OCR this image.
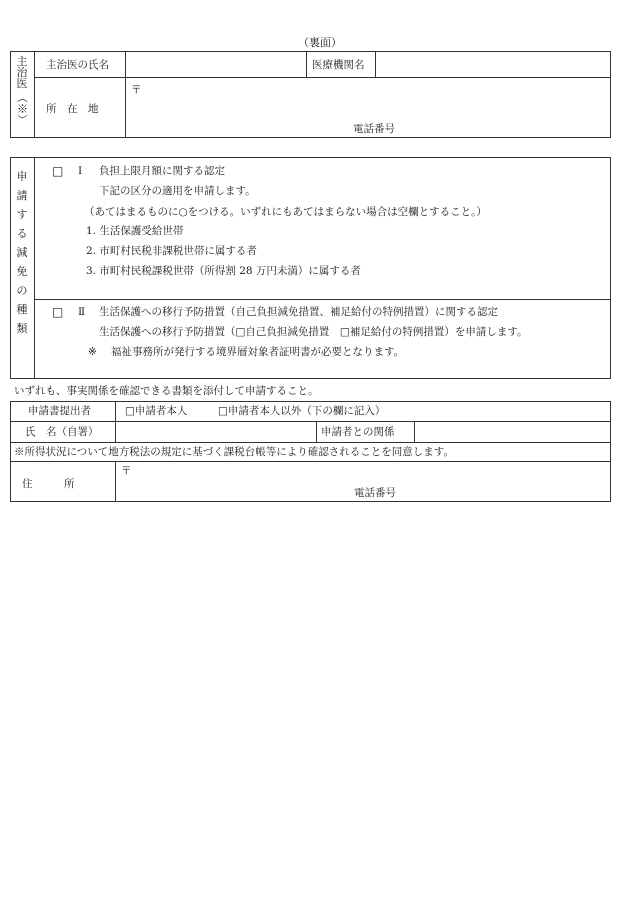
（裏面）
主
治
医
（※）
主治医の氏名	医療機関名
所　在　地
〒
電話番号
申
請
す
る
減
免
の
種
類
□ Ⅰ 負担上限月額に関する認定
下記の区分の適用を申請します。
（あてはまるものに○をつける。いずれにもあてはまらない場合は空欄とすること。）
1. 生活保護受給世帯
2. 市町村民税非課税世帯に属する者
3. 市町村民税課税世帯（所得割 28 万円未満）に属する者
□ Ⅱ 生活保護への移行予防措置（自己負担減免措置、補足給付の特例措置）に関する認定
生活保護への移行予防措置（□自己負担減免措置　□補足給付の特例措置）を申請します。
※ 福祉事務所が発行する境界層対象者証明書が必要となります。
いずれも、事実関係を確認できる書類を添付して申請すること。
申請書提出者	□申請者本人	□申請者本人以外（下の欄に記入）
氏　名（自署）	申請者との関係
※所得状況について地方税法の規定に基づく課税台帳等により確認されることを同意します。
住　　　所
〒
電話番号
